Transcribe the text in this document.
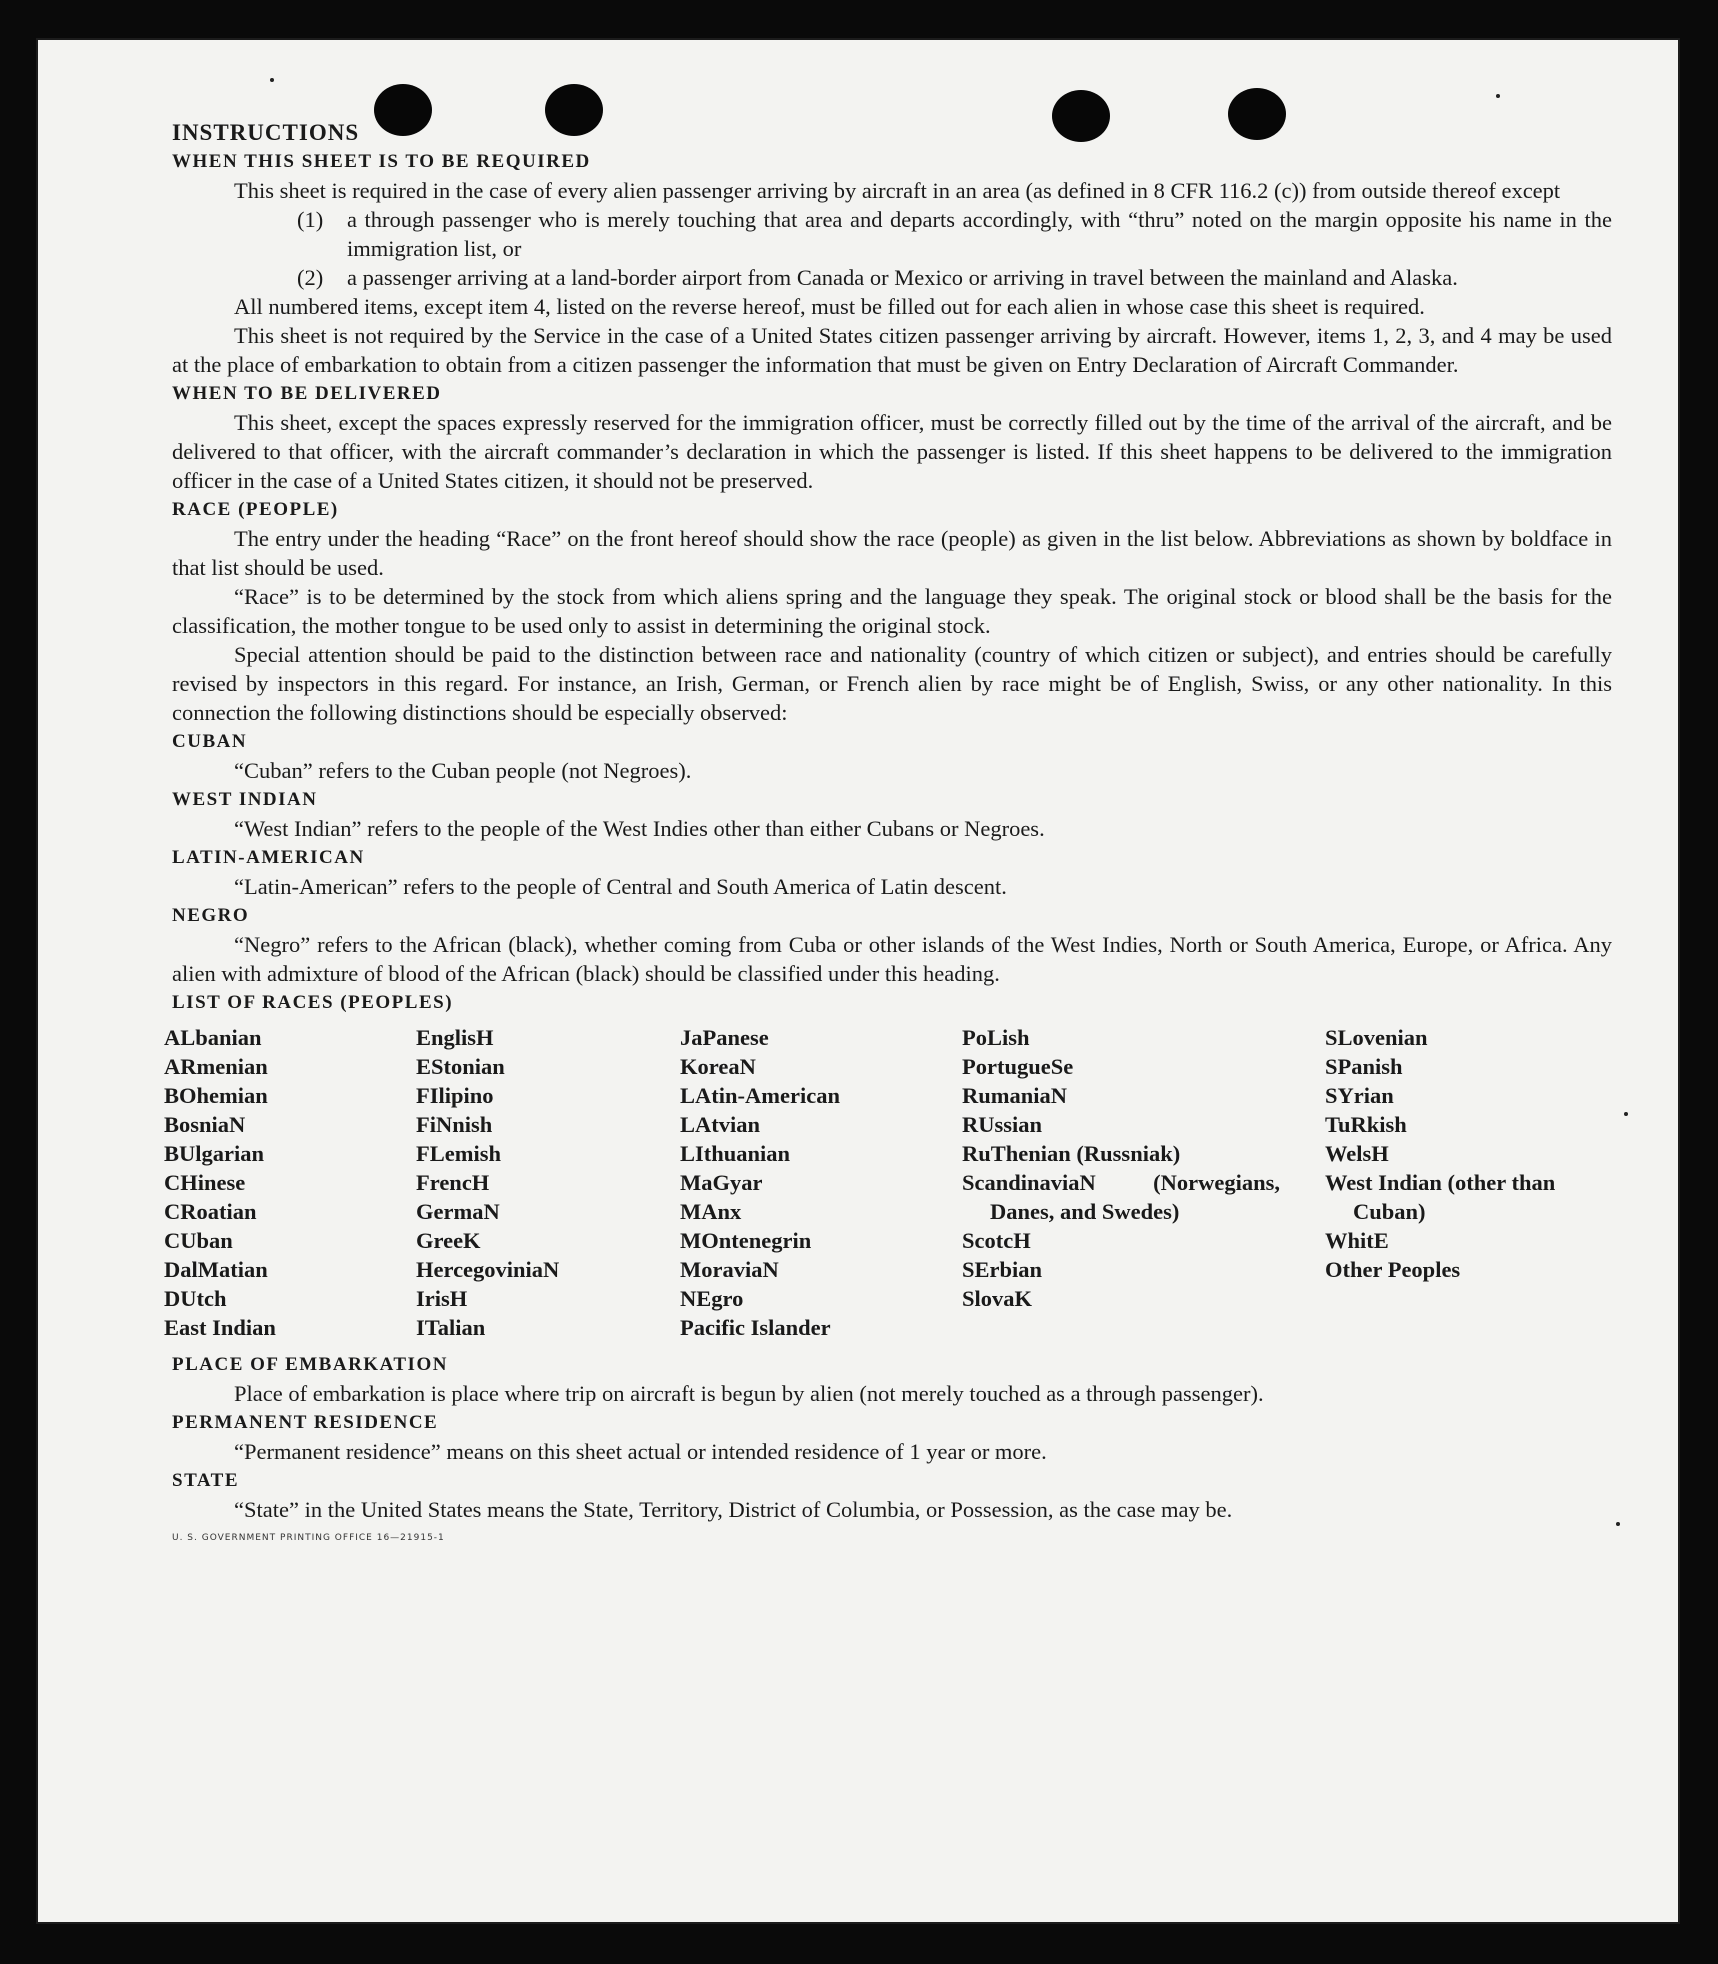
INSTRUCTIONS

WHEN THIS SHEET IS TO BE REQUIRED

This sheet is required in the case of every alien passenger arriving by aircraft in an area (as defined in 8 CFR 116.2 (c)) from outside thereof except

(1)	a through passenger who is merely touching that area and departs accordingly, with “thru” noted on the margin opposite his name in the immigration list, or
(2)	a passenger arriving at a land-border airport from Canada or Mexico or arriving in travel between the mainland and Alaska.

All numbered items, except item 4, listed on the reverse hereof, must be filled out for each alien in whose case this sheet is required.

This sheet is not required by the Service in the case of a United States citizen passenger arriving by aircraft. However, items 1, 2, 3, and 4 may be used at the place of embarkation to obtain from a citizen passenger the information that must be given on Entry Declaration of Aircraft Commander.

WHEN TO BE DELIVERED

This sheet, except the spaces expressly reserved for the immigration officer, must be correctly filled out by the time of the arrival of the aircraft, and be delivered to that officer, with the aircraft commander’s declaration in which the passenger is listed. If this sheet happens to be delivered to the immigration officer in the case of a United States citizen, it should not be preserved.

RACE (PEOPLE)

The entry under the heading “Race” on the front hereof should show the race (people) as given in the list below. Abbreviations as shown by boldface in that list should be used.

“Race” is to be determined by the stock from which aliens spring and the language they speak. The original stock or blood shall be the basis for the classification, the mother tongue to be used only to assist in determining the original stock.

Special attention should be paid to the distinction between race and nationality (country of which citizen or subject), and entries should be carefully revised by inspectors in this regard. For instance, an Irish, German, or French alien by race might be of English, Swiss, or any other nationality. In this connection the following distinctions should be especially observed:

CUBAN

“Cuban” refers to the Cuban people (not Negroes).

WEST INDIAN

“West Indian” refers to the people of the West Indies other than either Cubans or Negroes.

LATIN-AMERICAN

“Latin-American” refers to the people of Central and South America of Latin descent.

NEGRO

“Negro” refers to the African (black), whether coming from Cuba or other islands of the West Indies, North or South America, Europe, or Africa. Any alien with admixture of blood of the African (black) should be classified under this heading.

LIST OF RACES (PEOPLES)

ALbanian
ARmenian
BOhemian
BosniaN
BUlgarian
CHinese
CRoatian
CUban
DalMatian
DUtch
East Indian
EnglisH
EStonian
FIlipino
FiNnish
FLemish
FrencH
GermaN
GreeK
HercegoviniaN
IrisH
ITalian
JaPanese
KoreaN
LAtin-American
LAtvian
LIthuanian
MaGyar
MAnx
MOntenegrin
MoraviaN
NEgro
Pacific Islander
PoLish
PortugueSe
RumaniaN
RUssian
RuThenian (Russniak)
ScandinaviaN (Norwegians, Danes, and Swedes)
ScotcH
SErbian
SlovaK
SLovenian
SPanish
SYrian
TuRkish
WelsH
West Indian (other than Cuban)
WhitE
Other Peoples

PLACE OF EMBARKATION

Place of embarkation is place where trip on aircraft is begun by alien (not merely touched as a through passenger).

PERMANENT RESIDENCE

“Permanent residence” means on this sheet actual or intended residence of 1 year or more.

STATE

“State” in the United States means the State, Territory, District of Columbia, or Possession, as the case may be.

U. S. GOVERNMENT PRINTING OFFICE 16—21915-1
